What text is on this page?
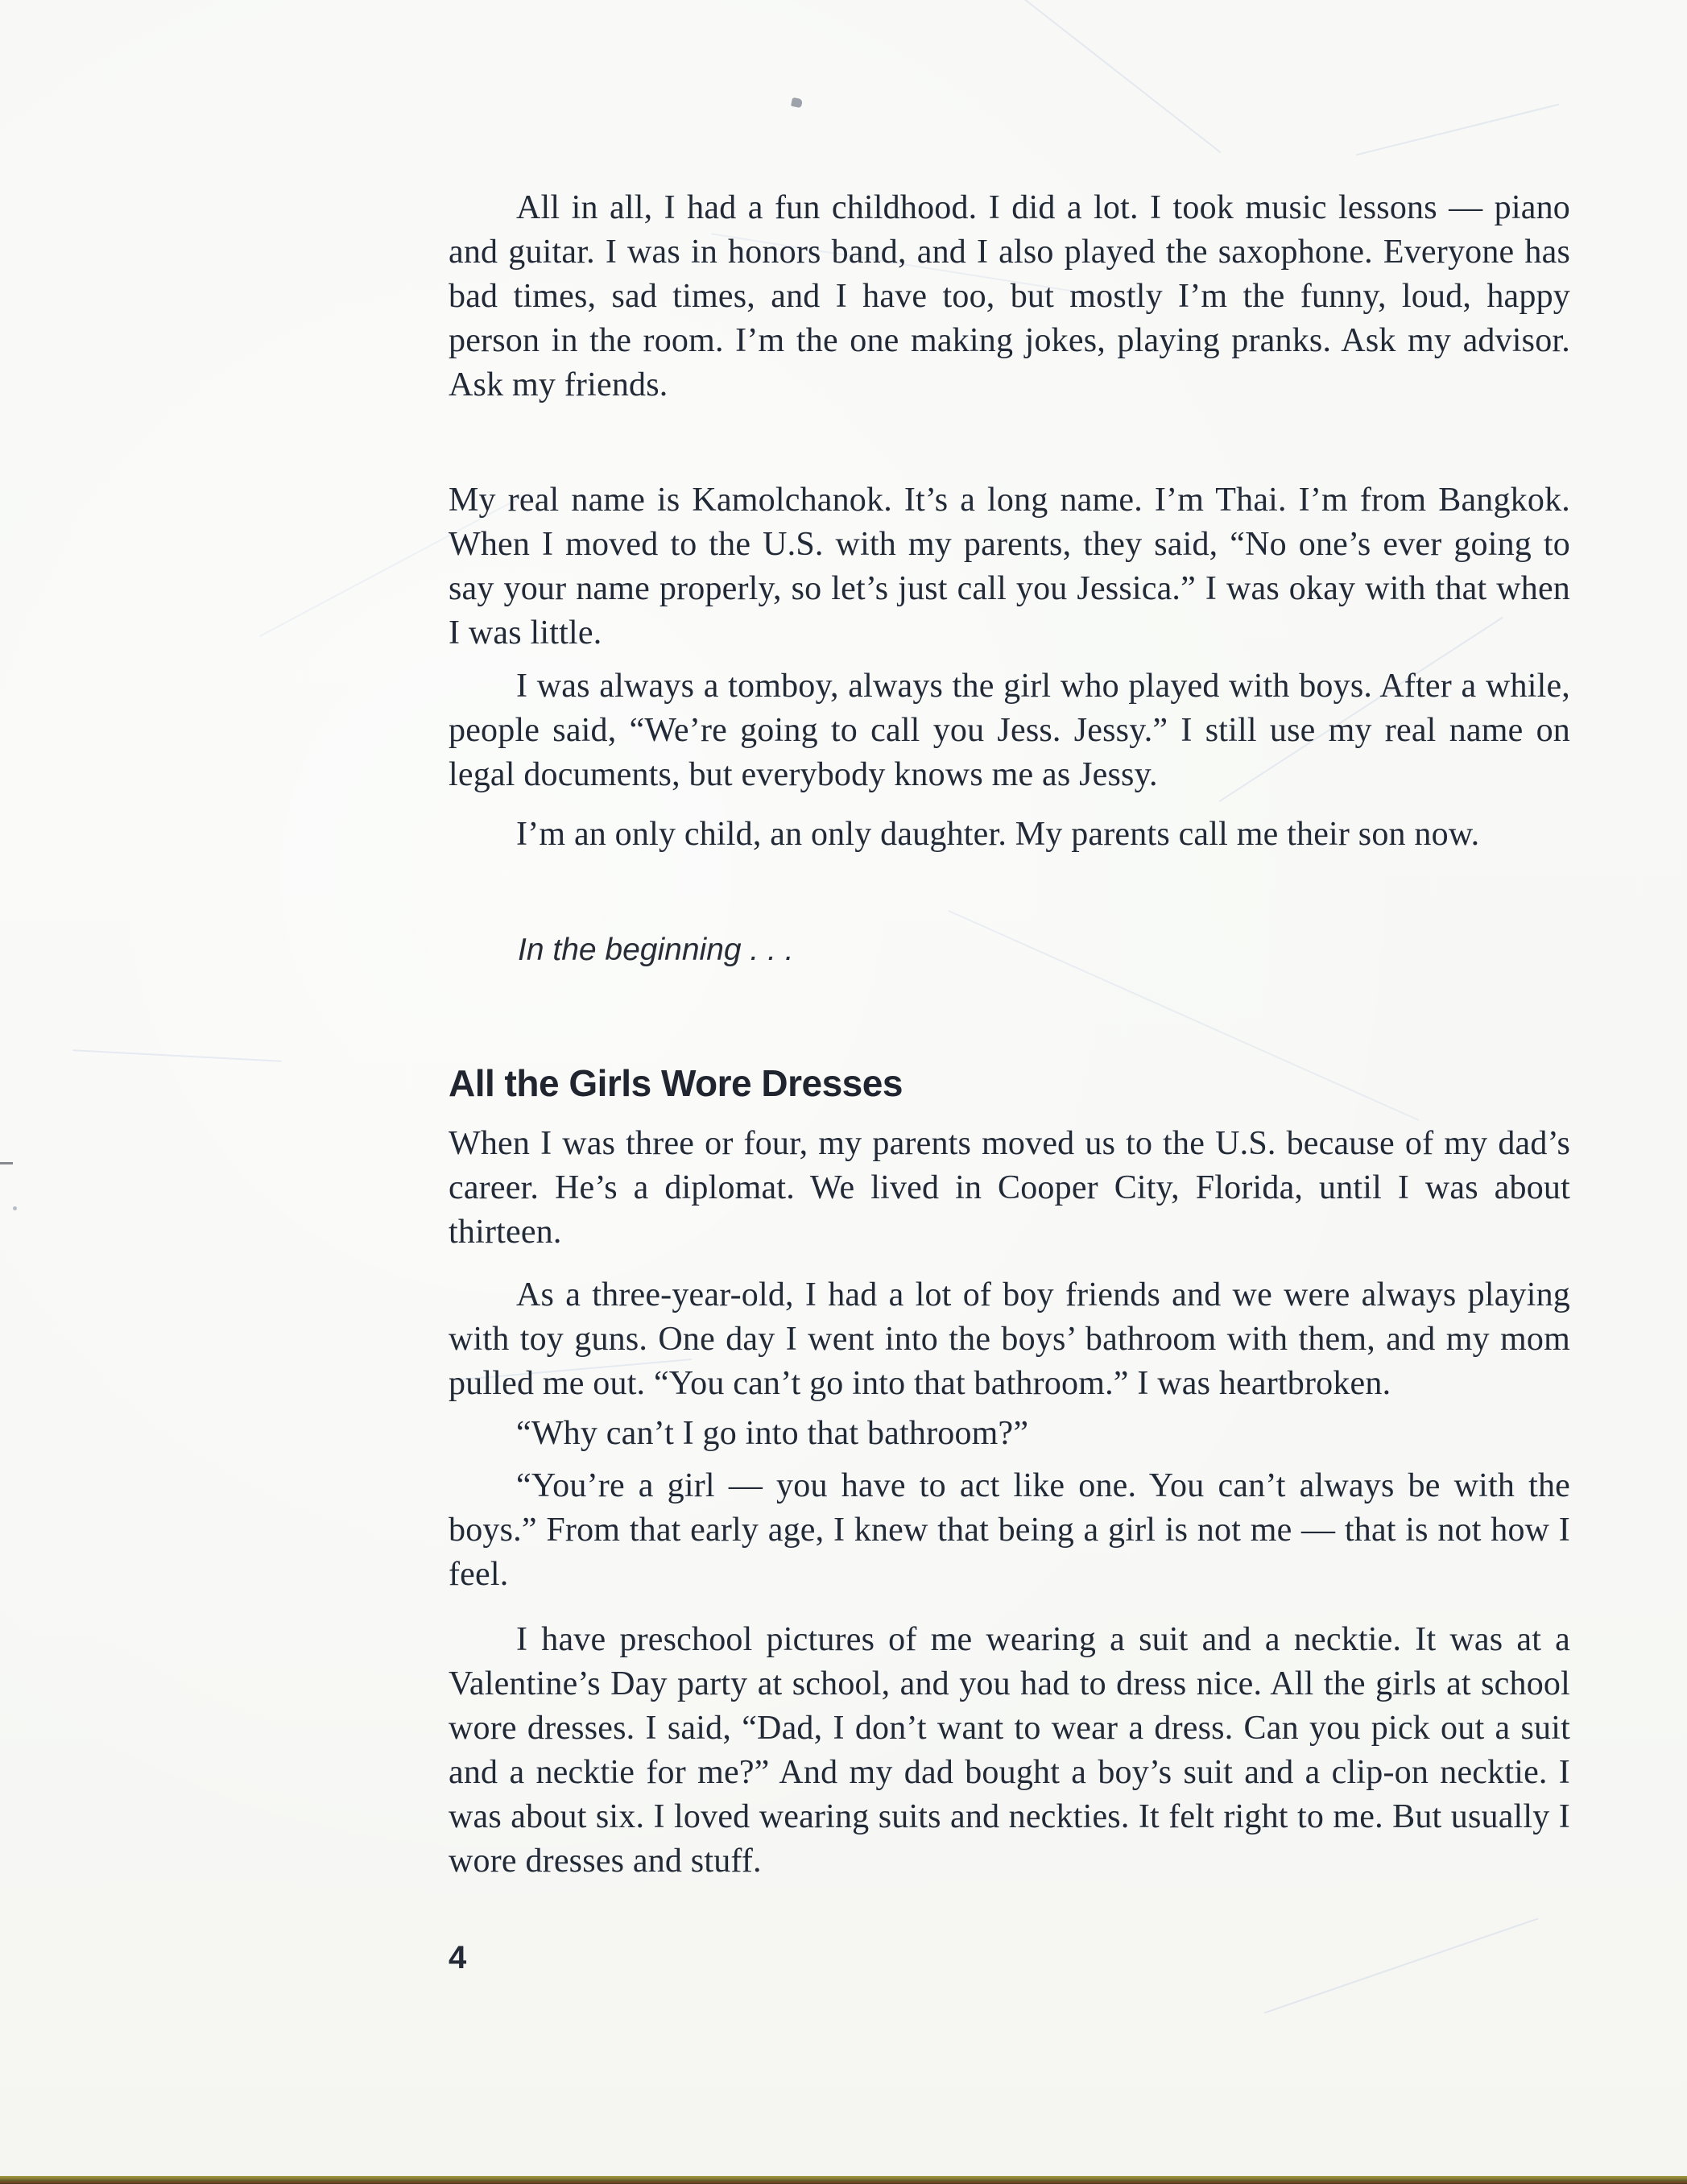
All in all, I had a fun childhood. I did a lot. I took music lessons — piano and guitar. I was in honors band, and I also played the saxophone. Everyone has bad times, sad times, and I have too, but mostly I’m the funny, loud, happy person in the room. I’m the one making jokes, playing pranks. Ask my advisor. Ask my friends.

My real name is Kamolchanok. It’s a long name. I’m Thai. I’m from Bangkok. When I moved to the U.S. with my parents, they said, “No one’s ever going to say your name properly, so let’s just call you Jessica.” I was okay with that when I was little.

I was always a tomboy, always the girl who played with boys. After a while, people said, “We’re going to call you Jess. Jessy.” I still use my real name on legal documents, but everybody knows me as Jessy.

I’m an only child, an only daughter. My parents call me their son now.

In the beginning . . .

All the Girls Wore Dresses

When I was three or four, my parents moved us to the U.S. because of my dad’s career. He’s a diplomat. We lived in Cooper City, Florida, until I was about thirteen.

As a three-year-old, I had a lot of boy friends and we were always playing with toy guns. One day I went into the boys’ bathroom with them, and my mom pulled me out. “You can’t go into that bathroom.” I was heartbroken.

“Why can’t I go into that bathroom?”

“You’re a girl — you have to act like one. You can’t always be with the boys.” From that early age, I knew that being a girl is not me — that is not how I feel.

I have preschool pictures of me wearing a suit and a necktie. It was at a Valentine’s Day party at school, and you had to dress nice. All the girls at school wore dresses. I said, “Dad, I don’t want to wear a dress. Can you pick out a suit and a necktie for me?” And my dad bought a boy’s suit and a clip-on necktie. I was about six. I loved wearing suits and neckties. It felt right to me. But usually I wore dresses and stuff.

4
